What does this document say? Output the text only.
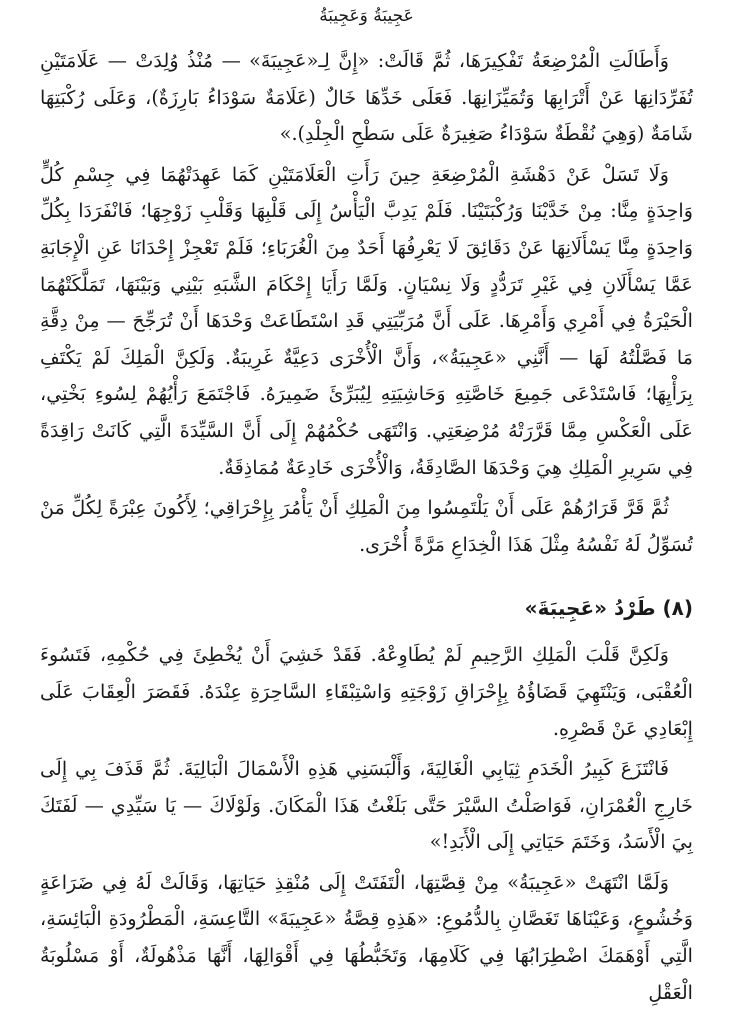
عَجِيبَةُ وَعَجِيبَةُ

وَأَطَالَتِ الْمُرْضِعَةُ تَفْكِيرَهَا، ثُمَّ قَالَتْ: «إِنَّ لِـ«عَجِيبَةَ» — مُنْذُ وُلِدَتْ — عَلَامَتَيْنِ تُفَرِّدَانِهَا عَنْ أَتْرَابِهَا وَتُمَيِّزَانِهَا. فَعَلَى خَدِّهَا خَالٌ (عَلَامَةٌ سَوْدَاءُ بَارِزَةٌ)، وَعَلَى رُكْبَتِهَا شَامَةٌ (وَهِيَ نُقْطَةٌ سَوْدَاءُ صَغِيرَةٌ عَلَى سَطْحِ الْجِلْدِ).»

وَلَا تَسَلْ عَنْ دَهْشَةِ الْمُرْضِعَةِ حِينَ رَأَتِ الْعَلَامَتَيْنِ كَمَا عَهِدَتْهُمَا فِي جِسْمِ كُلٍّ وَاحِدَةٍ مِنَّا: مِنْ خَدَّيْنَا وَرُكْبَتَيْنَا. فَلَمْ يَدِبَّ الْيَأْسُ إِلَى قَلْبِهَا وَقَلْبِ زَوْجِهَا؛ فَانْفَرَدَا بِكُلِّ وَاحِدَةٍ مِنَّا يَسْأَلَانِهَا عَنْ دَقَائِقَ لَا يَعْرِفُهَا أَحَدٌ مِنَ الْغُرَبَاءِ؛ فَلَمْ تَعْجِزْ إِحْدَانَا عَنِ الْإِجَابَةِ عَمَّا يَسْأَلَانِ فِي غَيْرِ تَرَدُّدٍ وَلَا نِسْيَانٍ. وَلَمَّا رَأَيَا إِحْكَامَ الشَّبَهِ بَيْنِي وَبَيْنَهَا، تَمَلَّكَتْهُمَا الْحَيْرَةُ فِي أَمْرِي وَأَمْرِهَا. عَلَى أَنَّ مُرَبِّيَتِي قَدِ اسْتَطَاعَتْ وَحْدَهَا أَنْ تُرَجِّحَ — مِنْ دِقَّةِ مَا فَصَّلْتُهُ لَهَا — أَنَّنِي «عَجِيبَةُ»، وَأَنَّ الْأُخْرَى دَعِيَّةٌ غَرِيبَةٌ. وَلَكِنَّ الْمَلِكَ لَمْ يَكْتَفِ بِرَأْيِهَا؛ فَاسْتَدْعَى جَمِيعَ خَاصَّتِهِ وَحَاشِيَتِهِ لِيُبَرِّئَ ضَمِيرَهُ. فَاجْتَمَعَ رَأْيُهُمْ لِسُوءِ بَخْتِي، عَلَى الْعَكْسِ مِمَّا قَرَّرَتْهُ مُرْضِعَتِي. وَانْتَهَى حُكْمُهُمْ إِلَى أَنَّ السَّيِّدَةَ الَّتِي كَانَتْ رَاقِدَةً فِي سَرِيرِ الْمَلِكِ هِيَ وَحْدَهَا الصَّادِقَةُ، وَالْأُخْرَى خَادِعَةٌ مُمَاذِقَةٌ.

ثُمَّ قَرَّ قَرَارُهُمْ عَلَى أَنْ يَلْتَمِسُوا مِنَ الْمَلِكِ أَنْ يَأْمُرَ بِإِحْرَاقِي؛ لِأَكُونَ عِبْرَةً لِكُلِّ مَنْ تُسَوِّلُ لَهُ نَفْسُهُ مِثْلَ هَذَا الْخِدَاعِ مَرَّةً أُخْرَى.

(٨) طَرْدُ «عَجِيبَةَ»

وَلَكِنَّ قَلْبَ الْمَلِكِ الرَّحِيمِ لَمْ يُطَاوِعْهُ. فَقَدْ خَشِيَ أَنْ يُخْطِئَ فِي حُكْمِهِ، فَتَسُوءَ الْعُقْبَى، وَيَنْتَهِيَ قَضَاؤُهُ بِإِحْرَاقِ زَوْجَتِهِ وَاسْتِبْقَاءِ السَّاحِرَةِ عِنْدَهُ. فَقَصَرَ الْعِقَابَ عَلَى إِبْعَادِي عَنْ قَصْرِهِ.

فَانْتَزَعَ كَبِيرُ الْخَدَمِ ثِيَابِي الْغَالِيَةَ، وَأَلْبَسَنِي هَذِهِ الْأَسْمَالَ الْبَالِيَةَ. ثُمَّ قَذَفَ بِي إِلَى خَارِجِ الْعُمْرَانِ، فَوَاصَلْتُ السَّيْرَ حَتَّى بَلَغْتُ هَذَا الْمَكَانَ. وَلَوْلَاكَ — يَا سَيِّدِي — لَفَتَكَ بِيَ الْأَسَدُ، وَخَتَمَ حَيَاتِي إِلَى الْأَبَدِ!»

وَلَمَّا انْتَهَتْ «عَجِيبَةُ» مِنْ قِصَّتِهَا، الْتَفَتَتْ إِلَى مُنْقِذِ حَيَاتِهَا، وَقَالَتْ لَهُ فِي ضَرَاعَةٍ وَخُشُوعٍ، وَعَيْنَاهَا تَغَصَّانِ بِالدُّمُوعِ: «هَذِهِ قِصَّةُ «عَجِيبَةَ» التَّاعِسَةِ، الْمَطْرُودَةِ الْبَائِسَةِ، الَّتِي أَوْهَمَكَ اضْطِرَابُهَا فِي كَلَامِهَا، وَتَخَبُّطُهَا فِي أَقْوَالِهَا، أَنَّهَا مَذْهُولَةٌ، أَوْ مَسْلُوبَةُ الْعَقْلِ
